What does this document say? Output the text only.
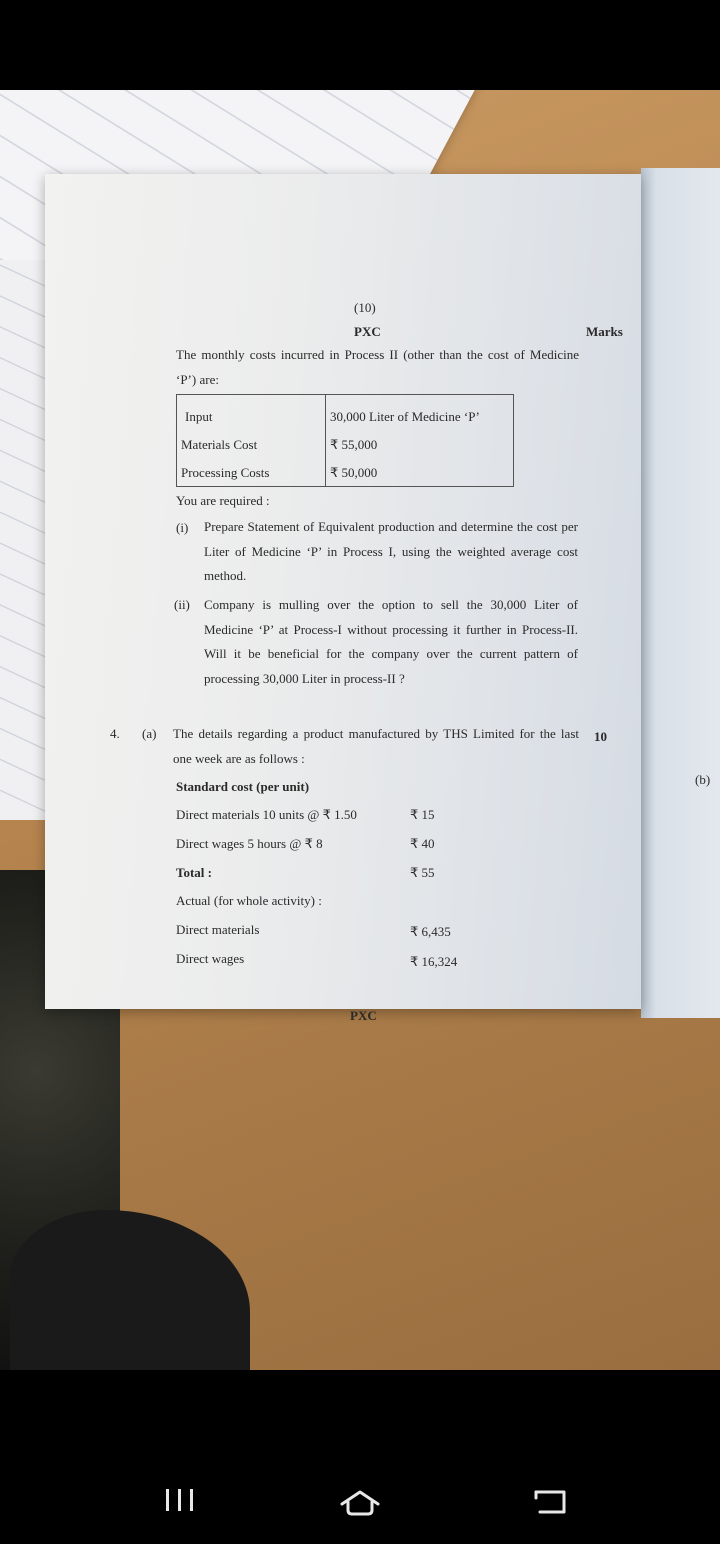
(b)
(10)
PXC	Marks
The monthly costs incurred in Process II (other than the cost of Medicine ‘P’) are:
Input	30,000 Liter of Medicine ‘P’
Materials Cost	₹ 55,000
Processing Costs	₹ 50,000
You are required :
(i) Prepare Statement of Equivalent production and determine the cost per Liter of Medicine ‘P’ in Process I, using the weighted average cost method.
(ii) Company is mulling over the option to sell the 30,000 Liter of Medicine ‘P’ at Process-I without processing it further in Process-II. Will it be beneficial for the company over the current pattern of processing 30,000 Liter in process-II ?
4. (a) The details regarding a product manufactured by THS Limited for the last one week are as follows :
10
Standard cost (per unit)
Direct materials 10 units @ ₹ 1.50	₹ 15
Direct wages 5 hours @ ₹ 8	₹ 40
Total :	₹ 55
Actual (for whole activity) :
Direct materials	₹ 6,435
Direct wages	₹ 16,324
PXC
